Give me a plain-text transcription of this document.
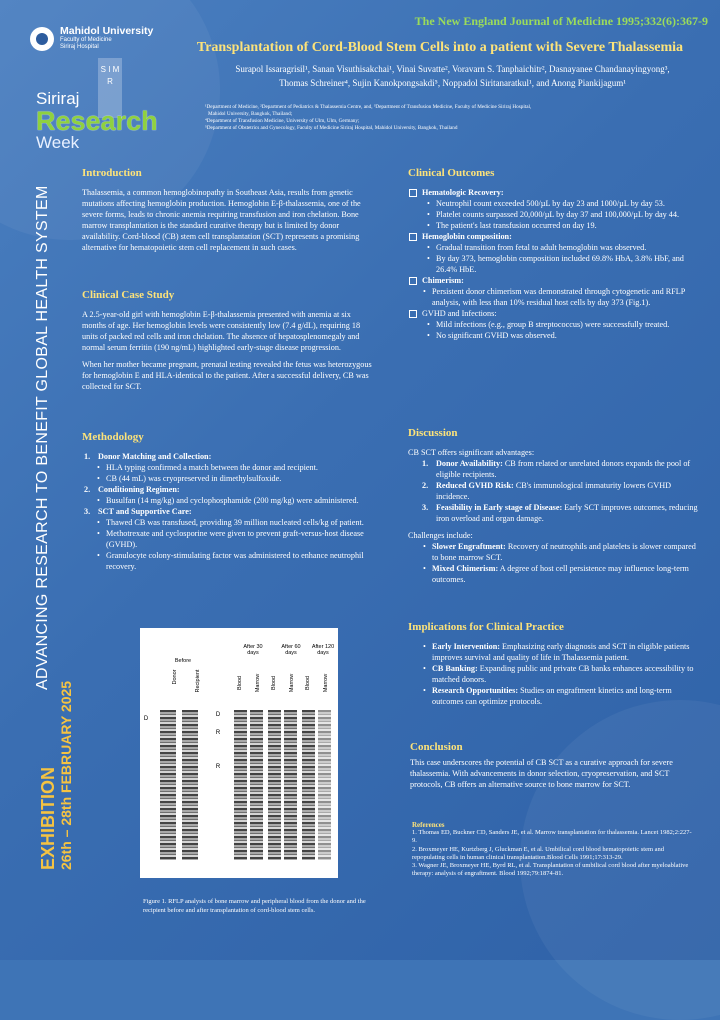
Mahidol University
Faculty of Medicine
Siriraj Hospital
S I M R
Siriraj
Research
Week
ADVANCING RESEARCH TO BENEFIT GLOBAL HEALTH SYSTEM
EXHIBITION 26th – 28th FEBRUARY 2025
The New England Journal of Medicine 1995;332(6):367-9
Transplantation of Cord-Blood Stem Cells into a patient with Severe Thalassemia
Surapol Issaragrisil¹, Sanan Visuthisakchai¹, Vinai Suvatte², Voravarn S. Tanphaichitr², Dasnayanee Chandanayingyong³,
Thomas Schreiner⁴, Sujin Kanokpongsakdi⁵, Noppadol Siritanaratkul¹, and Anong Piankijagum¹
¹Department of Medicine, ²Department of Pediatrics & Thalassemia Centre, and, ³Department of Transfusion Medicine, Faculty of Medicine Siriraj Hospital,
Mahidol University, Bangkok, Thailand;
⁴Department of Transfusion Medicine, University of Ulm, Ulm, Germany;
⁵Department of Obstetrics and Gynecology, Faculty of Medicine Siriraj Hospital, Mahidol University, Bangkok, Thailand
Introduction

Thalassemia, a common hemoglobinopathy in Southeast Asia, results from genetic mutations affecting hemoglobin production. Hemoglobin E-β-thalassemia, one of the severe forms, leads to chronic anemia requiring transfusion and iron chelation. Bone marrow transplantation is the standard curative therapy but is limited by donor availability. Cord-blood (CB) stem cell transplantation (SCT) represents a promising alternative for hematopoietic stem cell replacement in such cases.

Clinical Case Study

A 2.5-year-old girl with hemoglobin E-β-thalassemia presented with anemia at six months of age. Her hemoglobin levels were consistently low (7.4 g/dL), requiring 18 units of packed red cells and iron chelation. The absence of hepatosplenomegaly and normal serum ferritin (190 ng/mL) highlighted early-stage disease progression.

When her mother became pregnant, prenatal testing revealed the fetus was heterozygous for hemoglobin E and HLA-identical to the patient. After a successful delivery, CB was collected for SCT.

Methodology
1. Donor Matching and Collection:
• HLA typing confirmed a match between the donor and recipient.
• CB (44 mL) was cryopreserved in dimethylsulfoxide.
2. Conditioning Regimen:
• Busulfan (14 mg/kg) and cyclophosphamide (200 mg/kg) were administered.
3. SCT and Supportive Care:
• Thawed CB was transfused, providing 39 million nucleated cells/kg of patient.
• Methotrexate and cyclosporine were given to prevent graft-versus-host disease (GVHD).
• Granulocyte colony-stimulating factor was administered to enhance neutrophil recovery.
Before
After 30 days
After 60 days
After 120 days
Donor	Recipient	Blood Marrow Blood Marrow Blood Marrow
D
D
R
R
Figure 1. RFLP analysis of bone marrow and peripheral blood from the donor and the recipient before and after transplantation of cord-blood stem cells.
Clinical Outcomes
Hematologic Recovery:
• Neutrophil count exceeded 500/µL by day 23 and 1000/µL by day 53.
• Platelet counts surpassed 20,000/µL by day 37 and 100,000/µL by day 44.
• The patient's last transfusion occurred on day 19.
Hemoglobin composition:
• Gradual transition from fetal to adult hemoglobin was observed.
• By day 373, hemoglobin composition included 69.8% HbA, 3.8% HbF, and 26.4% HbE.
Chimerism:
• Persistent donor chimerism was demonstrated through cytogenetic and RFLP analysis, with less than 10% residual host cells by day 373 (Fig.1).
GVHD and Infections:
• Mild infections (e.g., group B streptococcus) were successfully treated.
• No significant GVHD was observed.
Discussion

CB SCT offers significant advantages:

1. Donor Availability: CB from related or unrelated donors expands the pool of eligible recipients.
2. Reduced GVHD Risk: CB's immunological immaturity lowers GVHD incidence.
3. Feasibility in Early stage of Disease: Early SCT improves outcomes, reducing iron overload and organ damage.

Challenges include:

• Slower Engraftment: Recovery of neutrophils and platelets is slower compared to bone marrow SCT.
• Mixed Chimerism: A degree of host cell persistence may influence long-term outcomes.
Implications for Clinical Practice
• Early Intervention: Emphasizing early diagnosis and SCT in eligible patients improves survival and quality of life in Thalassemia patient.
• CB Banking: Expanding public and private CB banks enhances accessibility to matched donors.
• Research Opportunities: Studies on engraftment kinetics and long-term outcomes can optimize protocols.
Conclusion

This case underscores the potential of CB SCT as a curative approach for severe thalassemia. With advancements in donor selection, cryopreservation, and SCT protocols, CB offers an alternative source to bone marrow for SCT.

References
1. Thomas ED, Buckner CD, Sanders JE, et al. Marrow transplantation for thalassemia. Lancet 1982;2:227-9.
2. Broxmeyer HE, Kurtzberg J, Gluckman E, et al. Umbilical cord blood hematopoietic stem and repopulating cells in human clinical transplantation.Blood Cells 1991;17:313-29.
3. Wagner JE, Broxmeyer HE, Byrd RL, et al. Transplantation of umbilical cord blood after myeloablative therapy: analysis of engraftment. Blood 1992;79:1874-81.
